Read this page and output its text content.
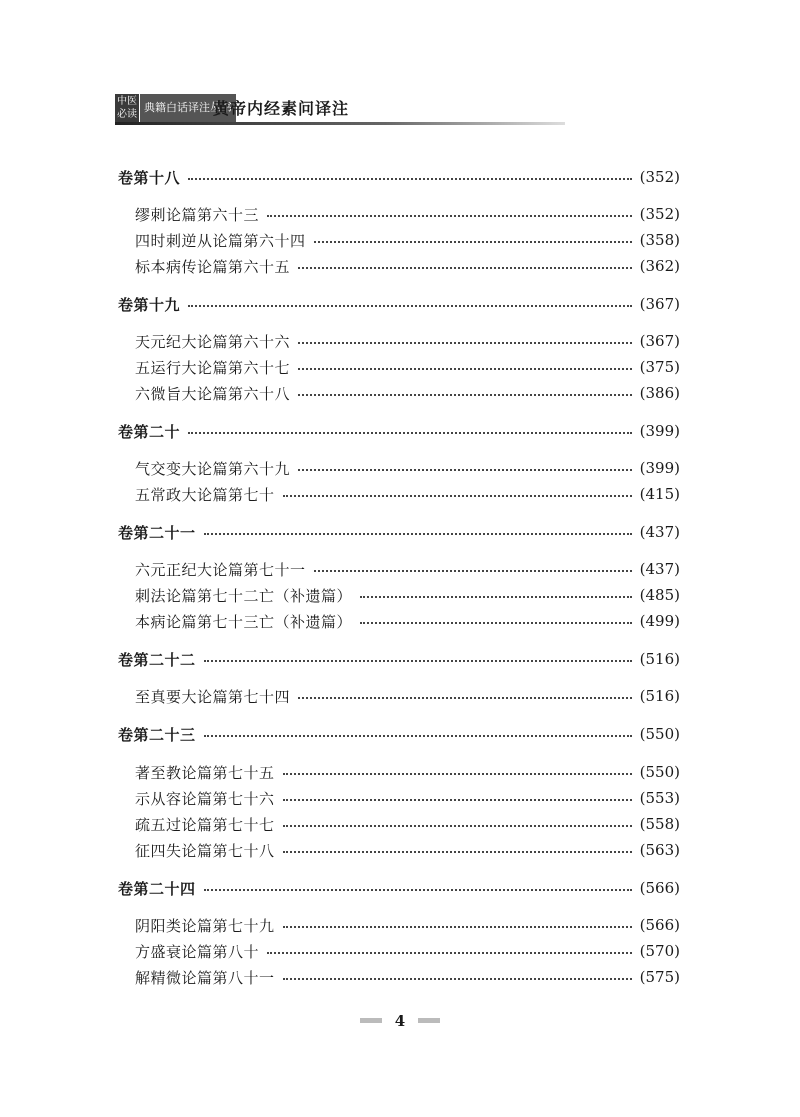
中医必读
典籍白话译注丛书
黄帝内经素问译注
卷第十八	(352)
缪刺论篇第六十三	(352)
四时刺逆从论篇第六十四	(358)
标本病传论篇第六十五	(362)
卷第十九	(367)
天元纪大论篇第六十六	(367)
五运行大论篇第六十七	(375)
六微旨大论篇第六十八	(386)
卷第二十	(399)
气交变大论篇第六十九	(399)
五常政大论篇第七十	(415)
卷第二十一	(437)
六元正纪大论篇第七十一	(437)
刺法论篇第七十二亡（补遗篇）	(485)
本病论篇第七十三亡（补遗篇）	(499)
卷第二十二	(516)
至真要大论篇第七十四	(516)
卷第二十三	(550)
著至教论篇第七十五	(550)
示从容论篇第七十六	(553)
疏五过论篇第七十七	(558)
征四失论篇第七十八	(563)
卷第二十四	(566)
阴阳类论篇第七十九	(566)
方盛衰论篇第八十	(570)
解精微论篇第八十一	(575)
4
